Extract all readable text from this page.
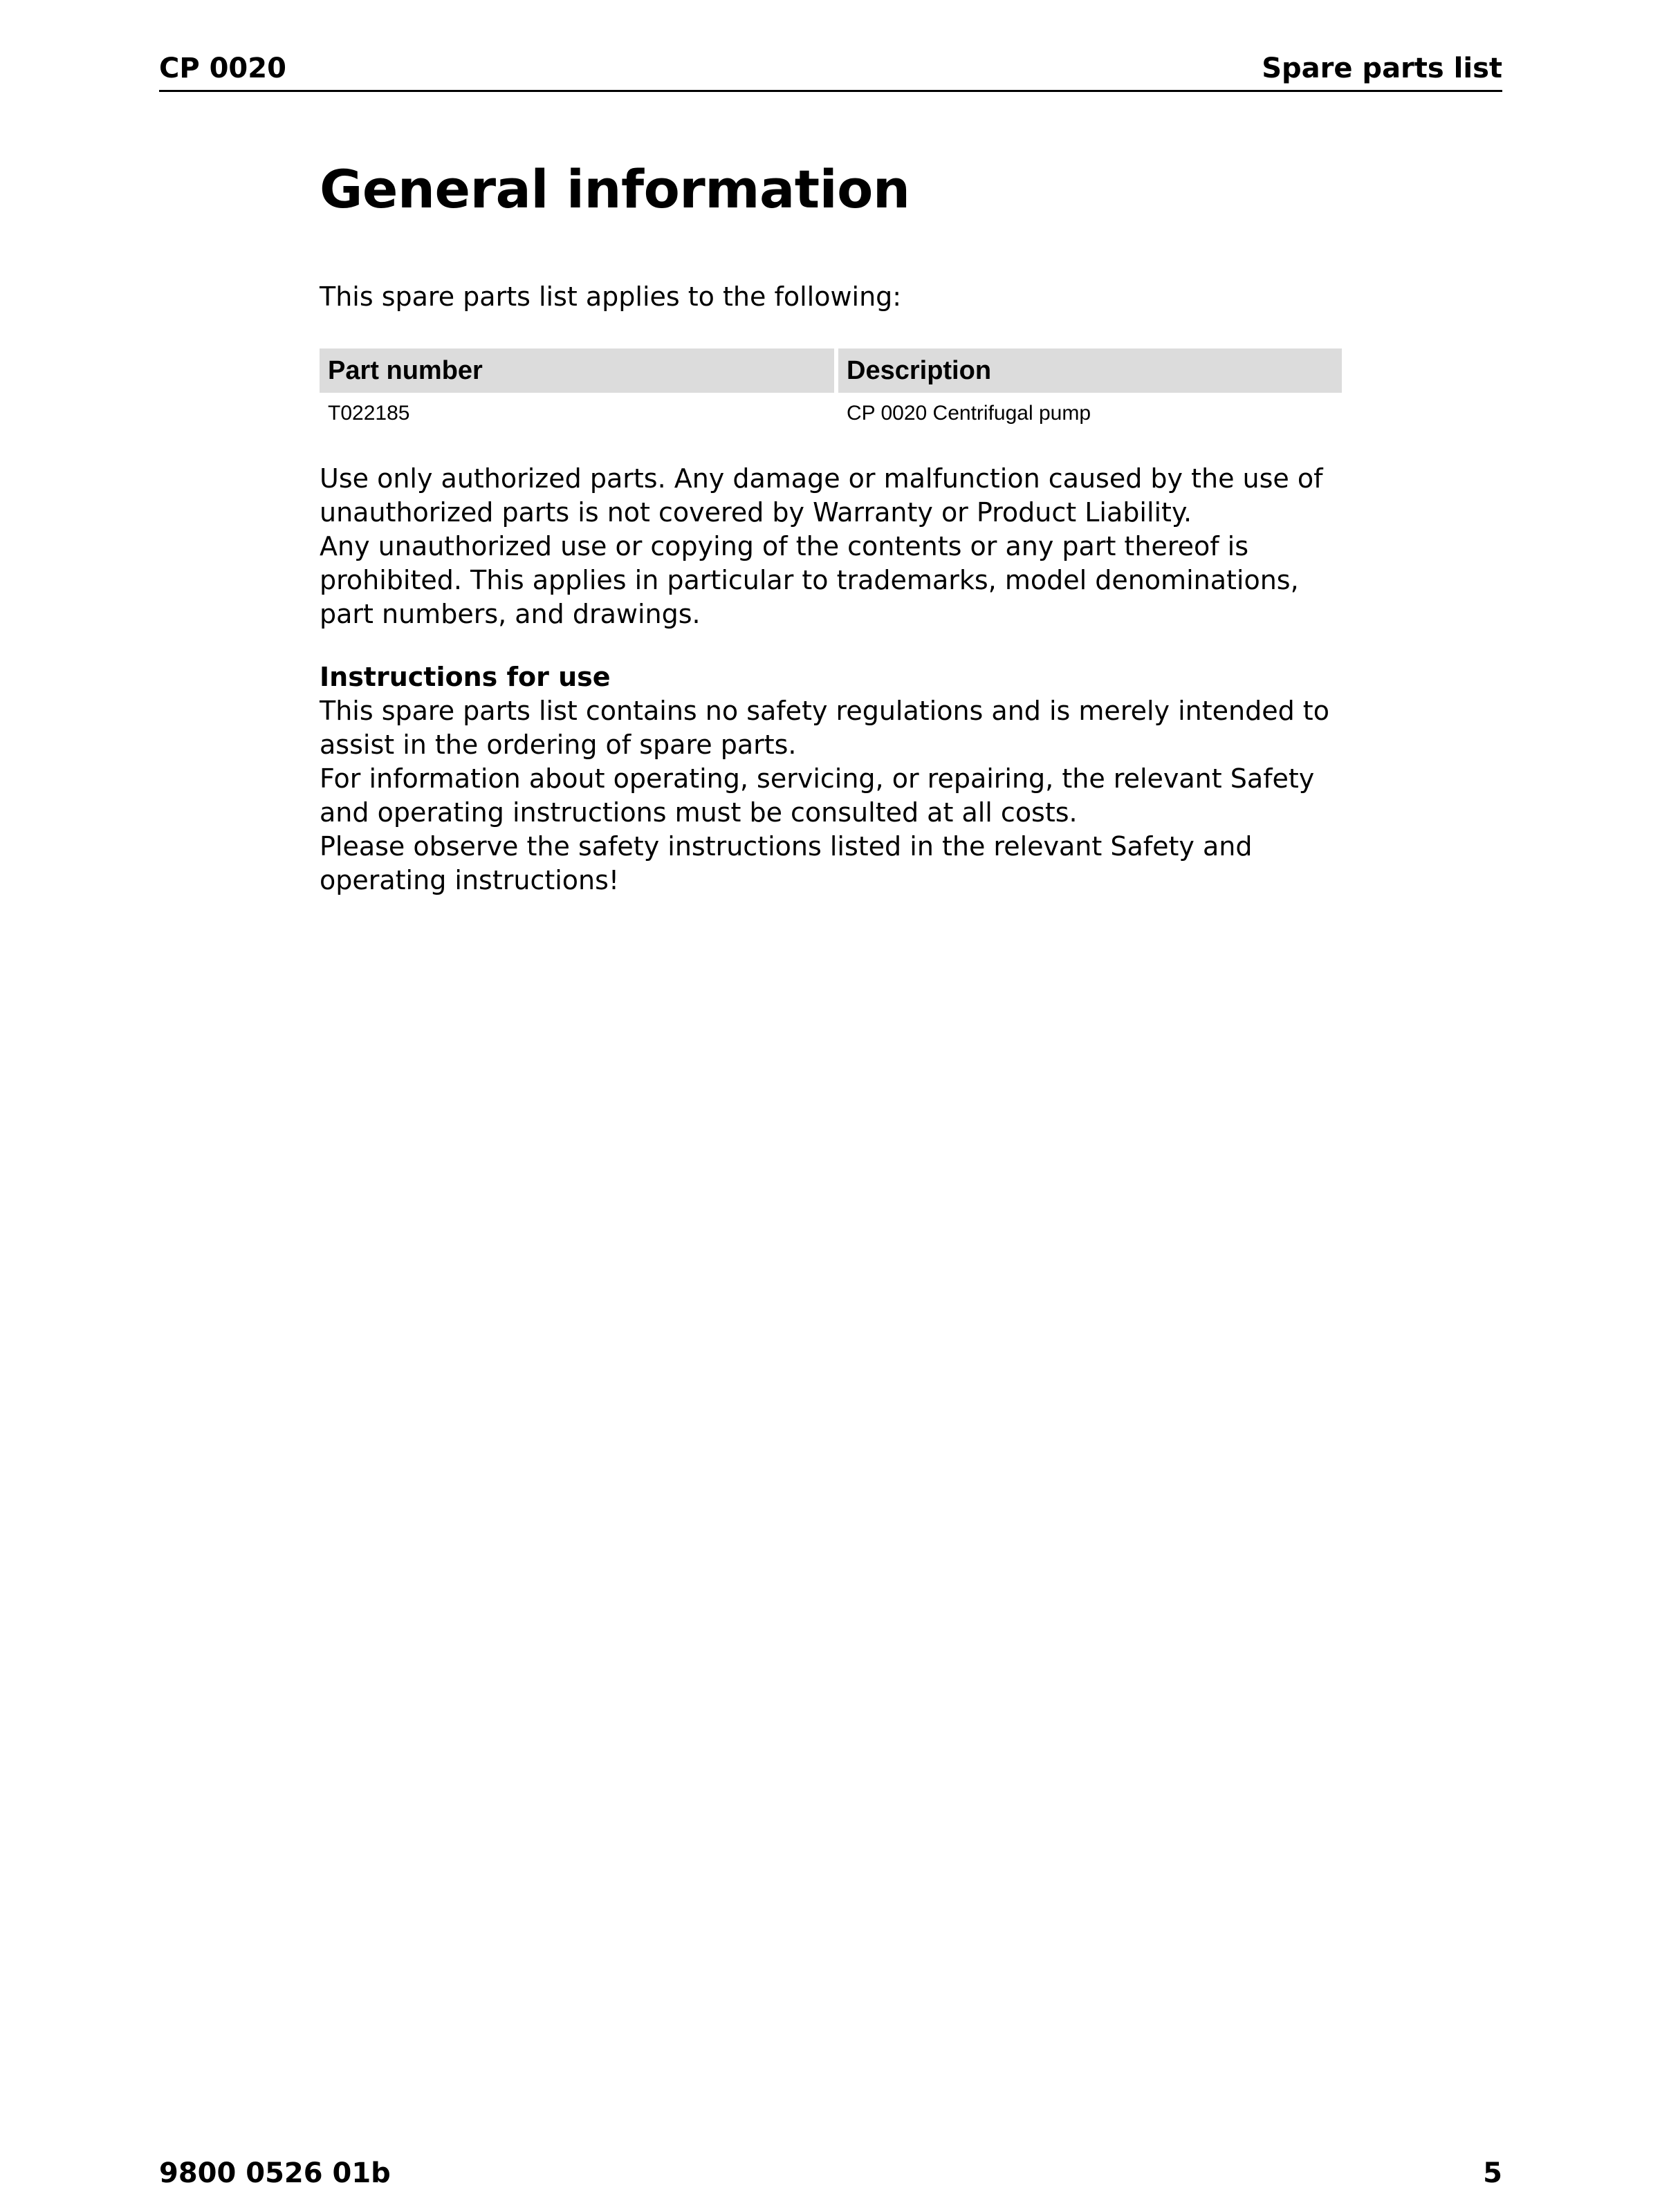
CP 0020	Spare parts list
General information

This spare parts list applies to the following:

Part number	Description
T022185	CP 0020 Centrifugal pump

Use only authorized parts. Any damage or malfunction caused by the use of unauthorized parts is not covered by Warranty or Product Liability.

Any unauthorized use or copying of the contents or any part thereof is prohibited. This applies in particular to trademarks, model denominations, part numbers, and drawings.

Instructions for use

This spare parts list contains no safety regulations and is merely intended to assist in the ordering of spare parts.

For information about operating, servicing, or repairing, the relevant Safety and operating instructions must be consulted at all costs.

Please observe the safety instructions listed in the relevant Safety and operating instructions!

9800 0526 01b	5
